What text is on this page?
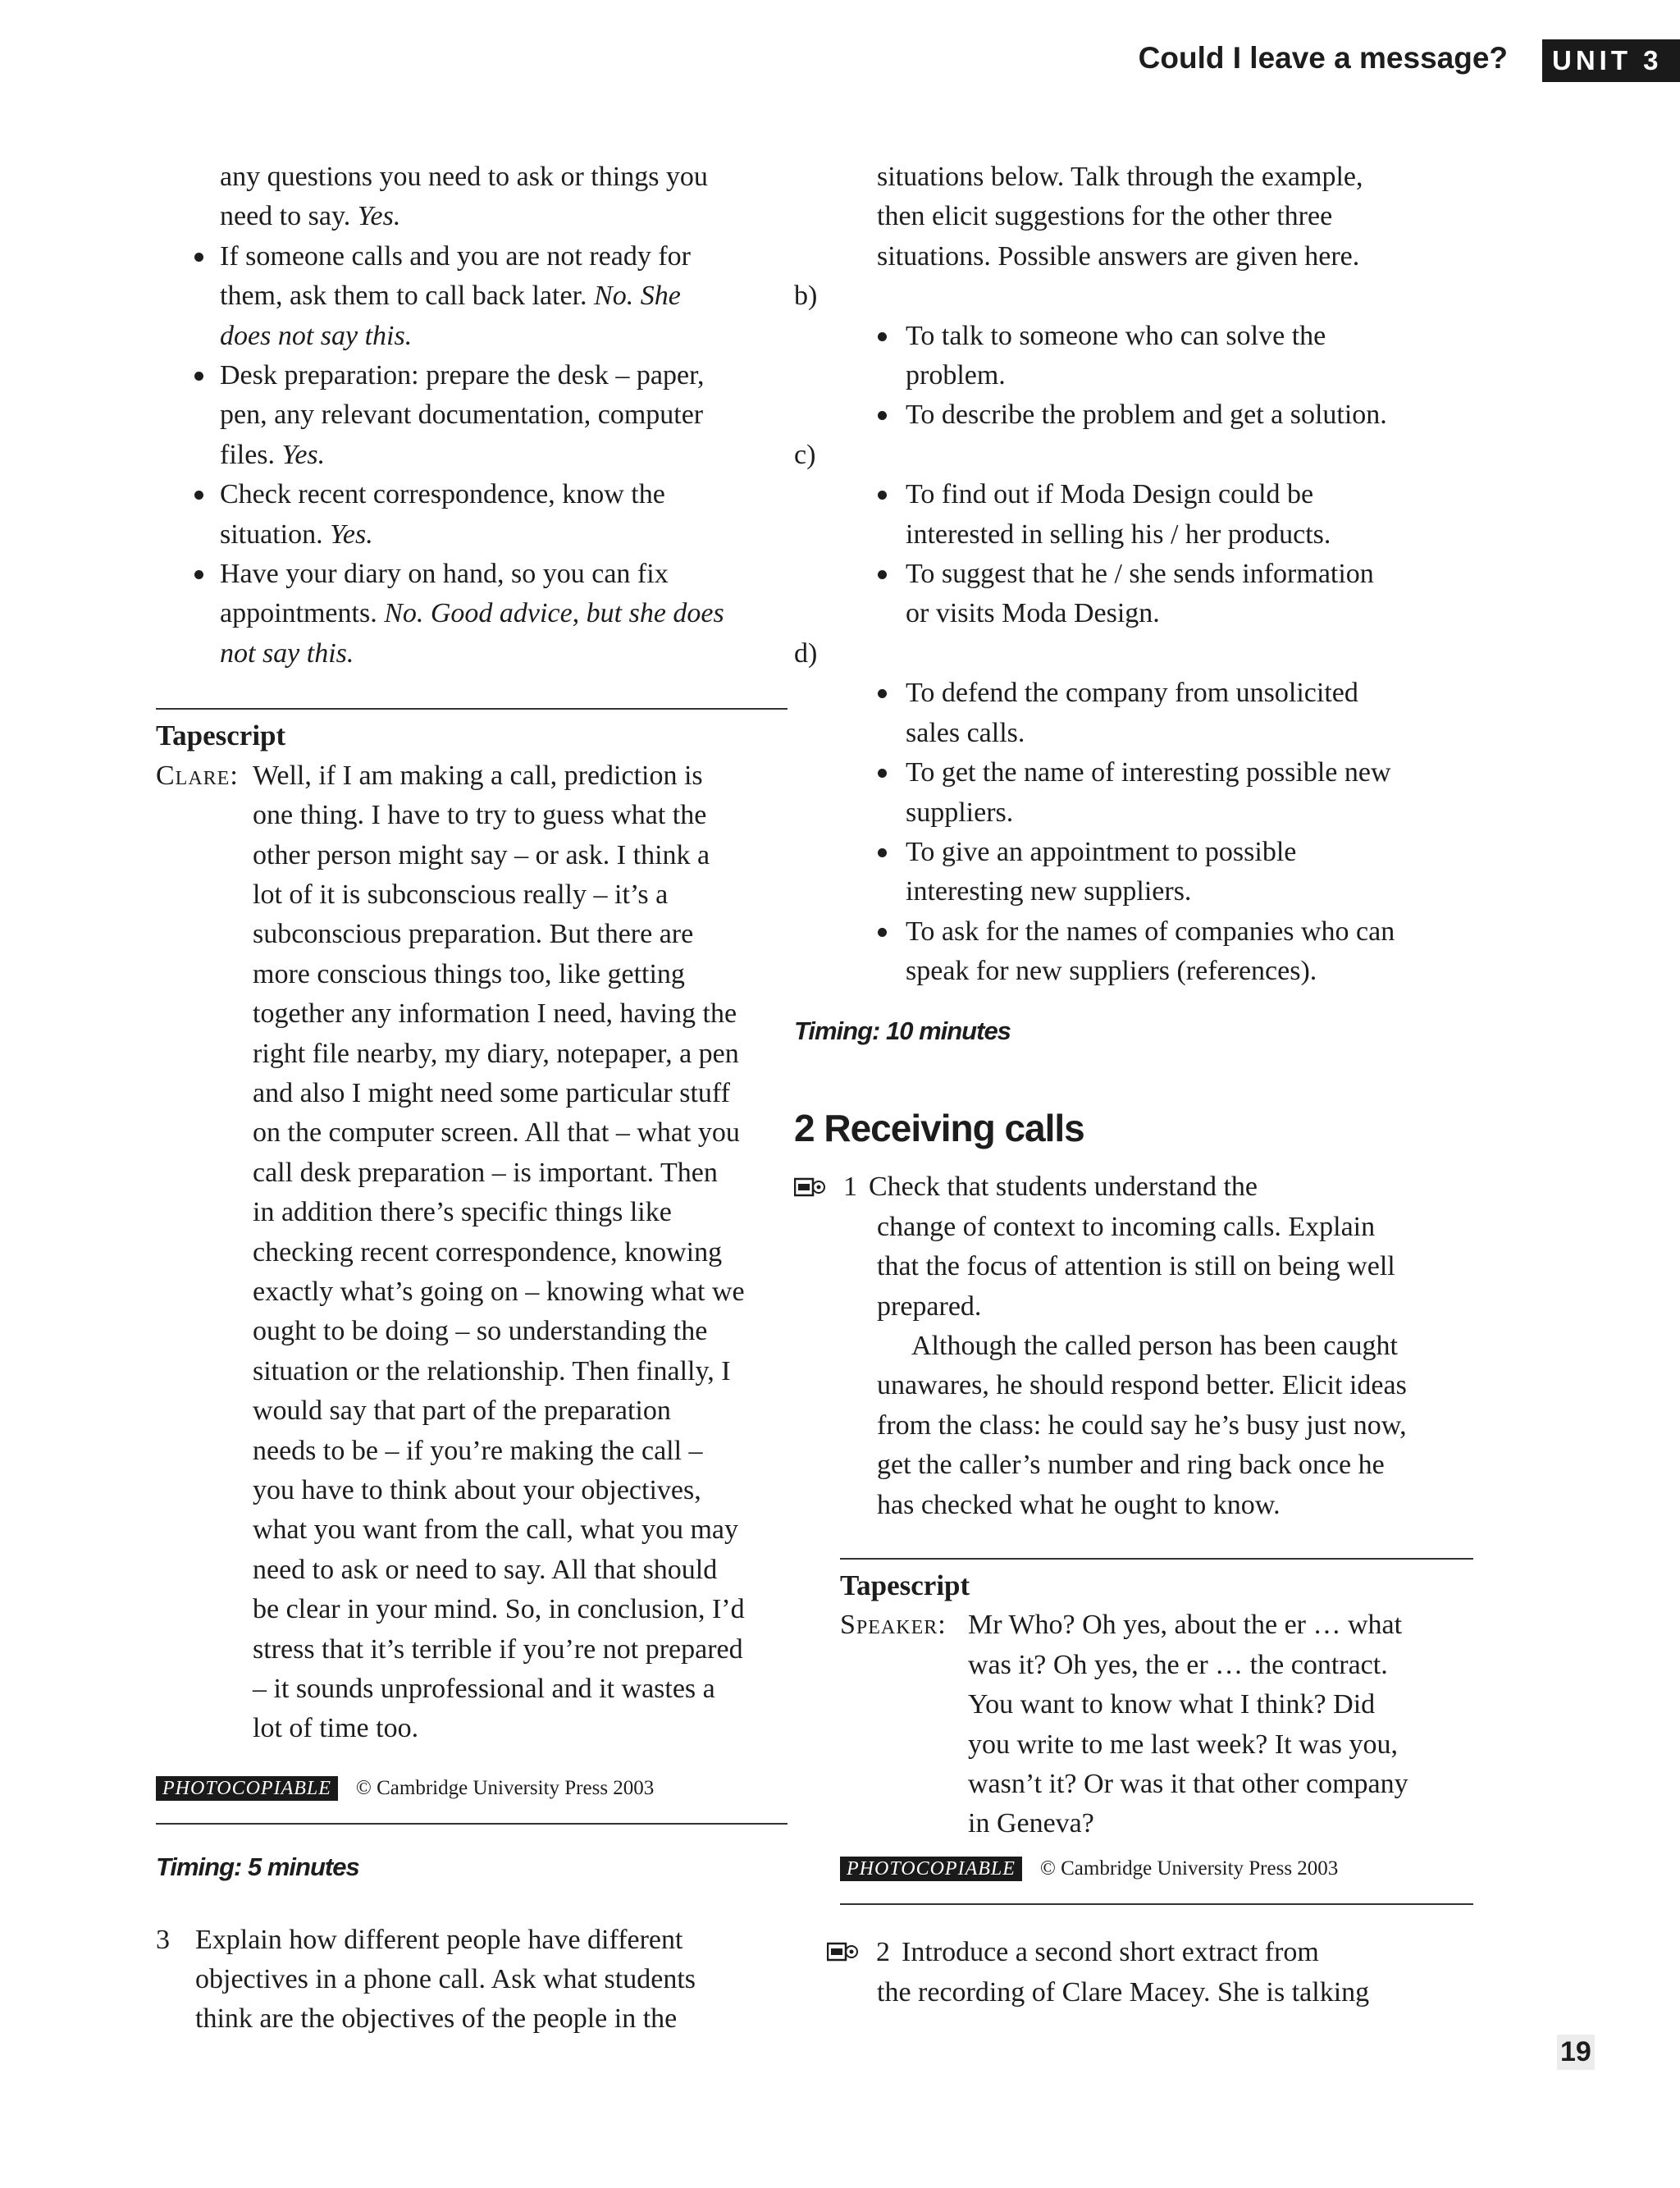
Could I leave a message?	UNIT 3
any questions you need to ask or things you
need to say. Yes.
If someone calls and you are not ready for
them, ask them to call back later. No. She
does not say this.
Desk preparation: prepare the desk – paper,
pen, any relevant documentation, computer
files. Yes.
Check recent correspondence, know the
situation. Yes.
Have your diary on hand, so you can fix
appointments. No. Good advice, but she does
not say this.
Tapescript
Clare: Well, if I am making a call, prediction is
one thing. I have to try to guess what the
other person might say – or ask. I think a
lot of it is subconscious really – it’s a
subconscious preparation. But there are
more conscious things too, like getting
together any information I need, having the
right file nearby, my diary, notepaper, a pen
and also I might need some particular stuff
on the computer screen. All that – what you
call desk preparation – is important. Then
in addition there’s specific things like
checking recent correspondence, knowing
exactly what’s going on – knowing what we
ought to be doing – so understanding the
situation or the relationship. Then finally, I
would say that part of the preparation
needs to be – if you’re making the call –
you have to think about your objectives,
what you want from the call, what you may
need to ask or need to say. All that should
be clear in your mind. So, in conclusion, I’d
stress that it’s terrible if you’re not prepared
– it sounds unprofessional and it wastes a
lot of time too.
PHOTOCOPIABLE	© Cambridge University Press 2003
Timing: 5 minutes
3 Explain how different people have different
objectives in a phone call. Ask what students
think are the objectives of the people in the
situations below. Talk through the example,
then elicit suggestions for the other three
situations. Possible answers are given here.
b)
To talk to someone who can solve the
problem.
To describe the problem and get a solution.
c)
To find out if Moda Design could be
interested in selling his / her products.
To suggest that he / she sends information
or visits Moda Design.
d)
To defend the company from unsolicited
sales calls.
To get the name of interesting possible new
suppliers.
To give an appointment to possible
interesting new suppliers.
To ask for the names of companies who can
speak for new suppliers (references).
Timing: 10 minutes
2 Receiving calls
1 Check that students understand the
change of context to incoming calls. Explain
that the focus of attention is still on being well
prepared.
Although the called person has been caught
unawares, he should respond better. Elicit ideas
from the class: he could say he’s busy just now,
get the caller’s number and ring back once he
has checked what he ought to know.
Tapescript
Speaker: Mr Who? Oh yes, about the er … what
was it? Oh yes, the er … the contract.
You want to know what I think? Did
you write to me last week? It was you,
wasn’t it? Or was it that other company
in Geneva?
PHOTOCOPIABLE	© Cambridge University Press 2003
2 Introduce a second short extract from
the recording of Clare Macey. She is talking
19
